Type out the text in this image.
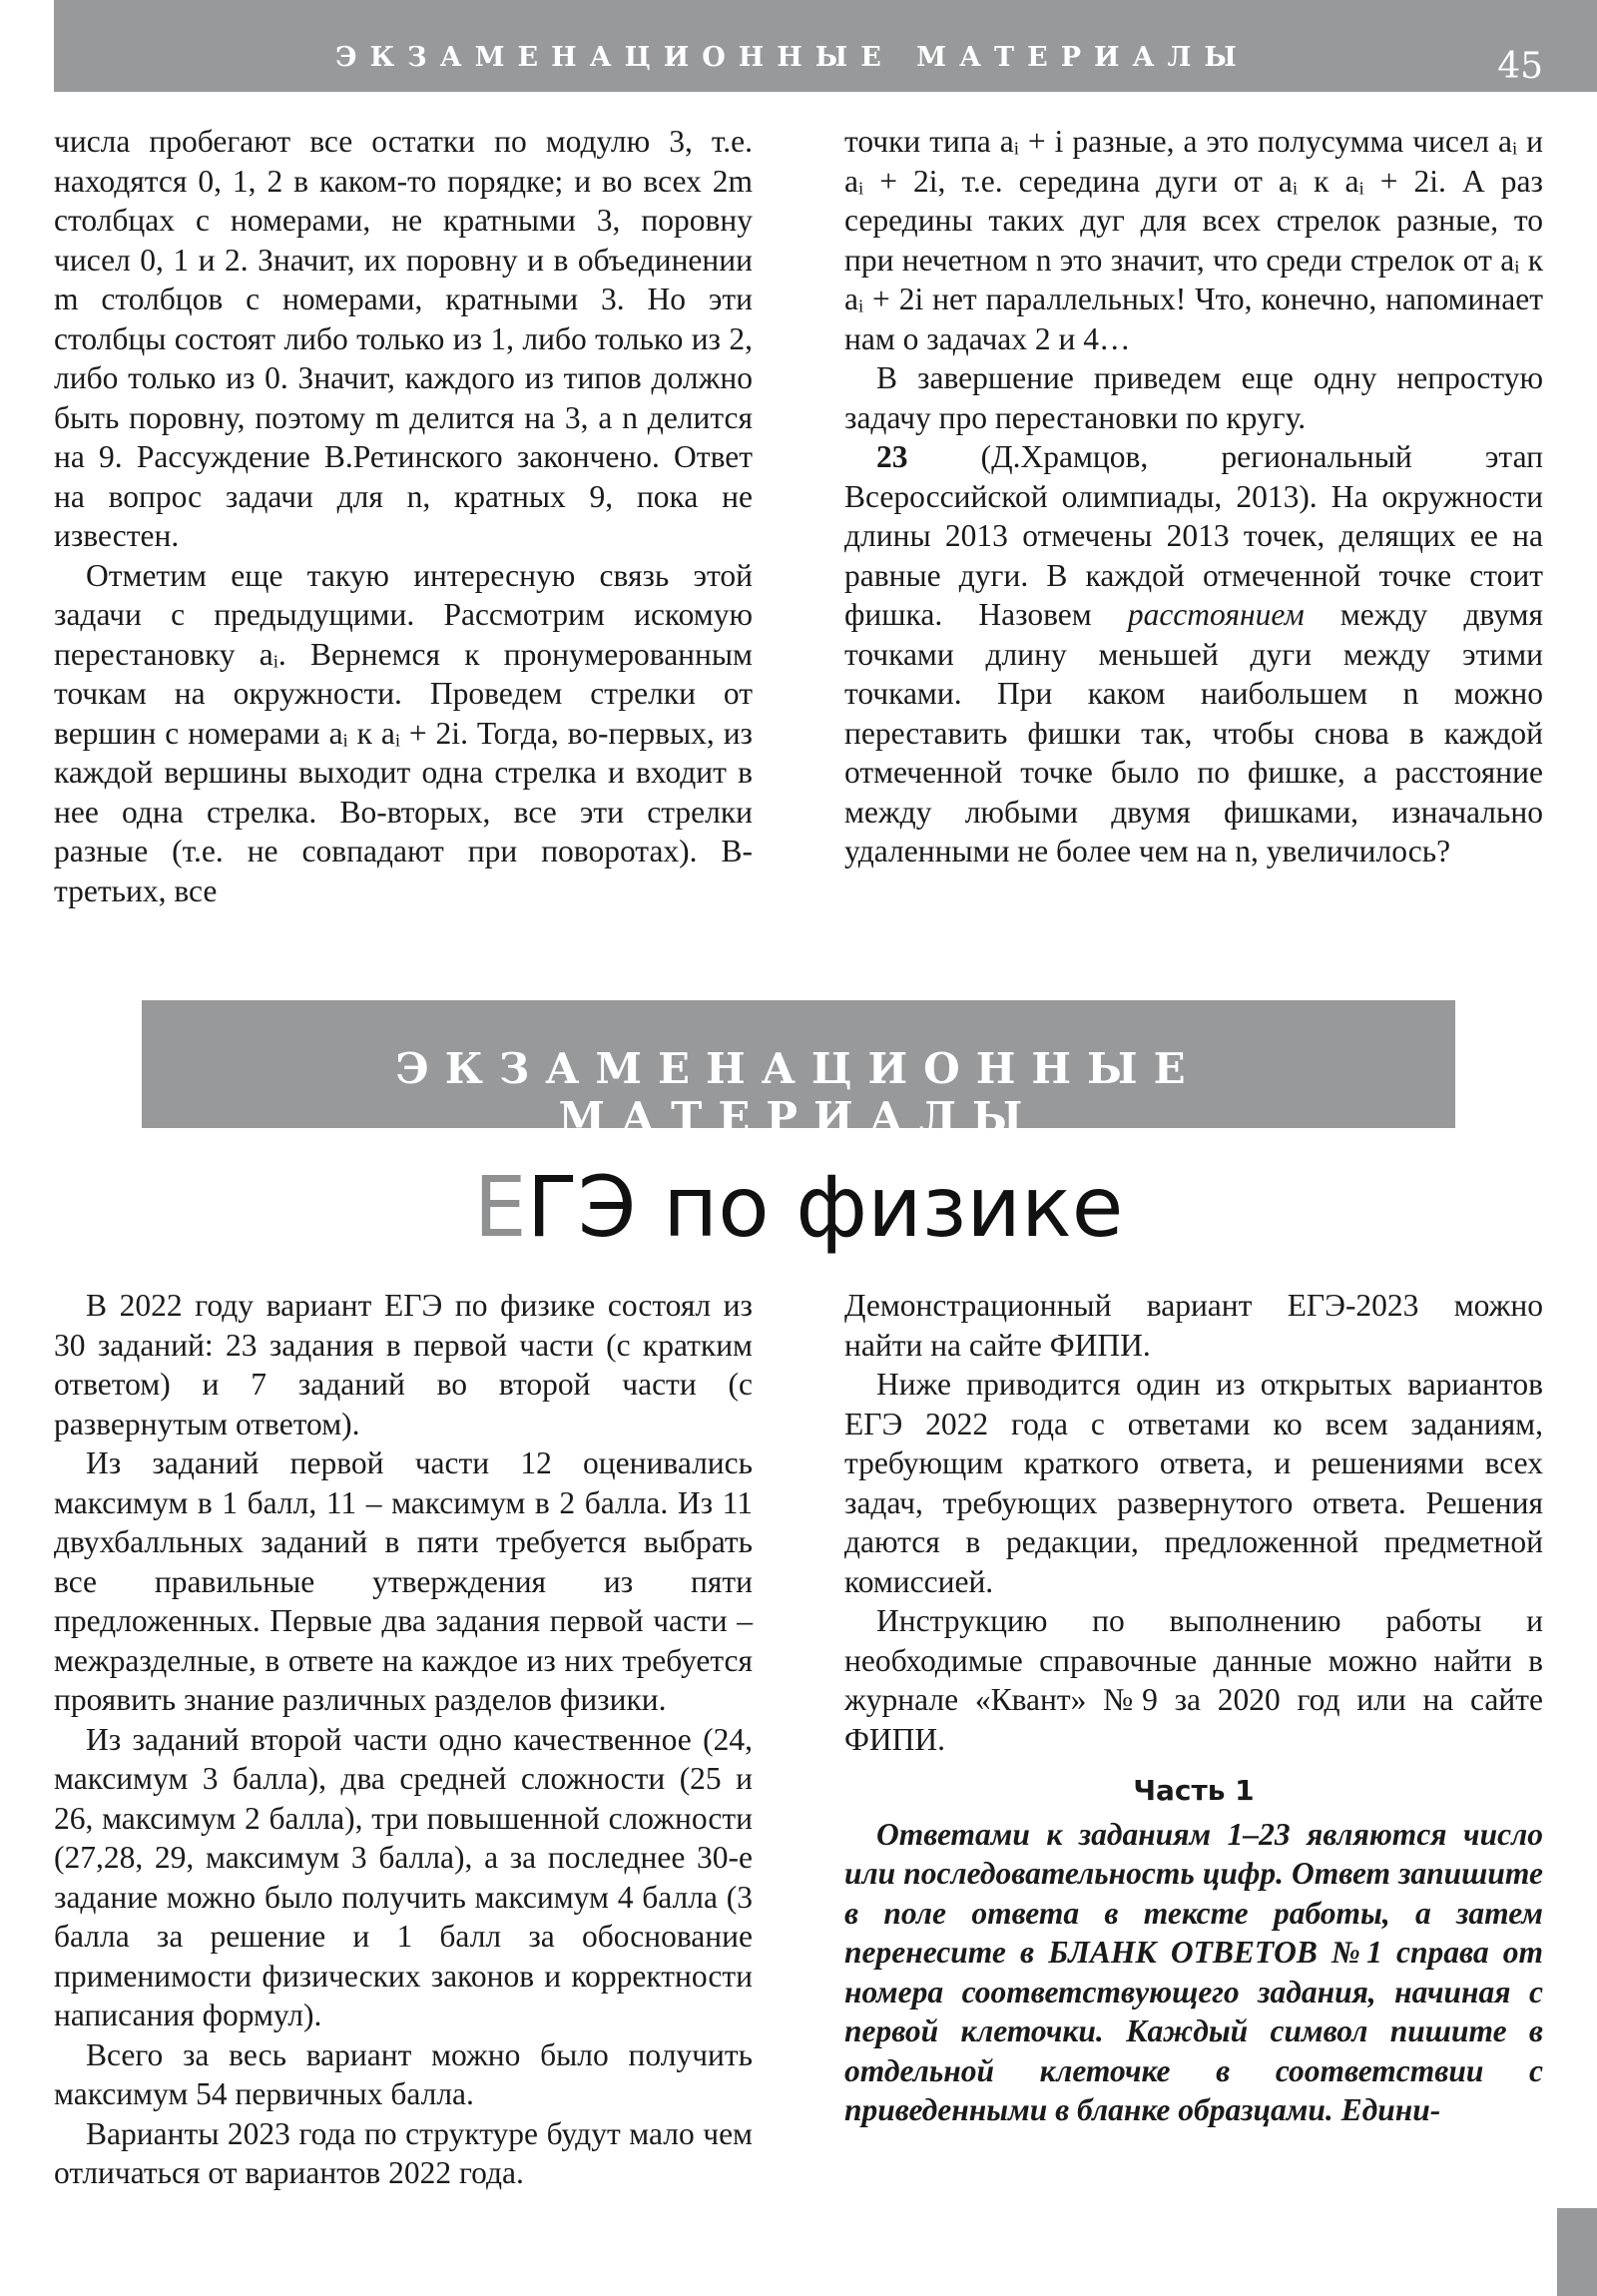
ЭКЗАМЕНАЦИОННЫЕ МАТЕРИАЛЫ	45

числа пробегают все остатки по модулю 3, т.е. находятся 0, 1, 2 в каком-то порядке; и во всех 2m столбцах с номерами, не кратными 3, поровну чисел 0, 1 и 2. Значит, их поровну и в объединении m столбцов с номерами, кратными 3. Но эти столбцы состоят либо только из 1, либо только из 2, либо только из 0. Значит, каждого из типов должно быть поровну, поэтому m делится на 3, а n делится на 9. Рассуждение В.Ретинского закончено. Ответ на вопрос задачи для n, кратных 9, пока не известен.

Отметим еще такую интересную связь этой задачи с предыдущими. Рассмотрим искомую перестановку aᵢ. Вернемся к пронумерованным точкам на окружности. Проведем стрелки от вершин с номерами aᵢ к aᵢ + 2i. Тогда, во-первых, из каждой вершины выходит одна стрелка и входит в нее одна стрелка. Во-вторых, все эти стрелки разные (т.е. не совпадают при поворотах). В-третьих, все

точки типа aᵢ + i разные, а это полусумма чисел aᵢ и aᵢ + 2i, т.е. середина дуги от aᵢ к aᵢ + 2i. А раз середины таких дуг для всех стрелок разные, то при нечетном n это значит, что среди стрелок от aᵢ к aᵢ + 2i нет параллельных! Что, конечно, напоминает нам о задачах 2 и 4…

В завершение приведем еще одну непростую задачу про перестановки по кругу.

23 (Д.Храмцов, региональный этап Всероссийской олимпиады, 2013). На окружности длины 2013 отмечены 2013 точек, делящих ее на равные дуги. В каждой отмеченной точке стоит фишка. Назовем расстоянием между двумя точками длину меньшей дуги между этими точками. При каком наибольшем n можно переставить фишки так, чтобы снова в каждой отмеченной точке было по фишке, а расстояние между любыми двумя фишками, изначально удаленными не более чем на n, увеличилось?

ЭКЗАМЕНАЦИОННЫЕ МАТЕРИАЛЫ
ЕГЭ по физике

В 2022 году вариант ЕГЭ по физике состоял из 30 заданий: 23 задания в первой части (с кратким ответом) и 7 заданий во второй части (с развернутым ответом).

Из заданий первой части 12 оценивались максимум в 1 балл, 11 – максимум в 2 балла. Из 11 двухбалльных заданий в пяти требуется выбрать все правильные утверждения из пяти предложенных. Первые два задания первой части – межразделные, в ответе на каждое из них требуется проявить знание различных разделов физики.

Из заданий второй части одно качественное (24, максимум 3 балла), два средней сложности (25 и 26, максимум 2 балла), три повышенной сложности (27,28, 29, максимум 3 балла), а за последнее 30-е задание можно было получить максимум 4 балла (3 балла за решение и 1 балл за обоснование применимости физических законов и корректности написания формул).

Всего за весь вариант можно было получить максимум 54 первичных балла.

Варианты 2023 года по структуре будут мало чем отличаться от вариантов 2022 года.

Демонстрационный вариант ЕГЭ-2023 можно найти на сайте ФИПИ.

Ниже приводится один из открытых вариантов ЕГЭ 2022 года с ответами ко всем заданиям, требующим краткого ответа, и решениями всех задач, требующих развернутого ответа. Решения даются в редакции, предложенной предметной комиссией.

Инструкцию по выполнению работы и необходимые справочные данные можно найти в журнале «Квант» №9 за 2020 год или на сайте ФИПИ.

Часть 1

Ответами к заданиям 1–23 являются число или последовательность цифр. Ответ запишите в поле ответа в тексте работы, а затем перенесите в БЛАНК ОТВЕТОВ №1 справа от номера соответствующего задания, начиная с первой клеточки. Каждый символ пишите в отдельной клеточке в соответствии с приведенными в бланке образцами. Едини-
